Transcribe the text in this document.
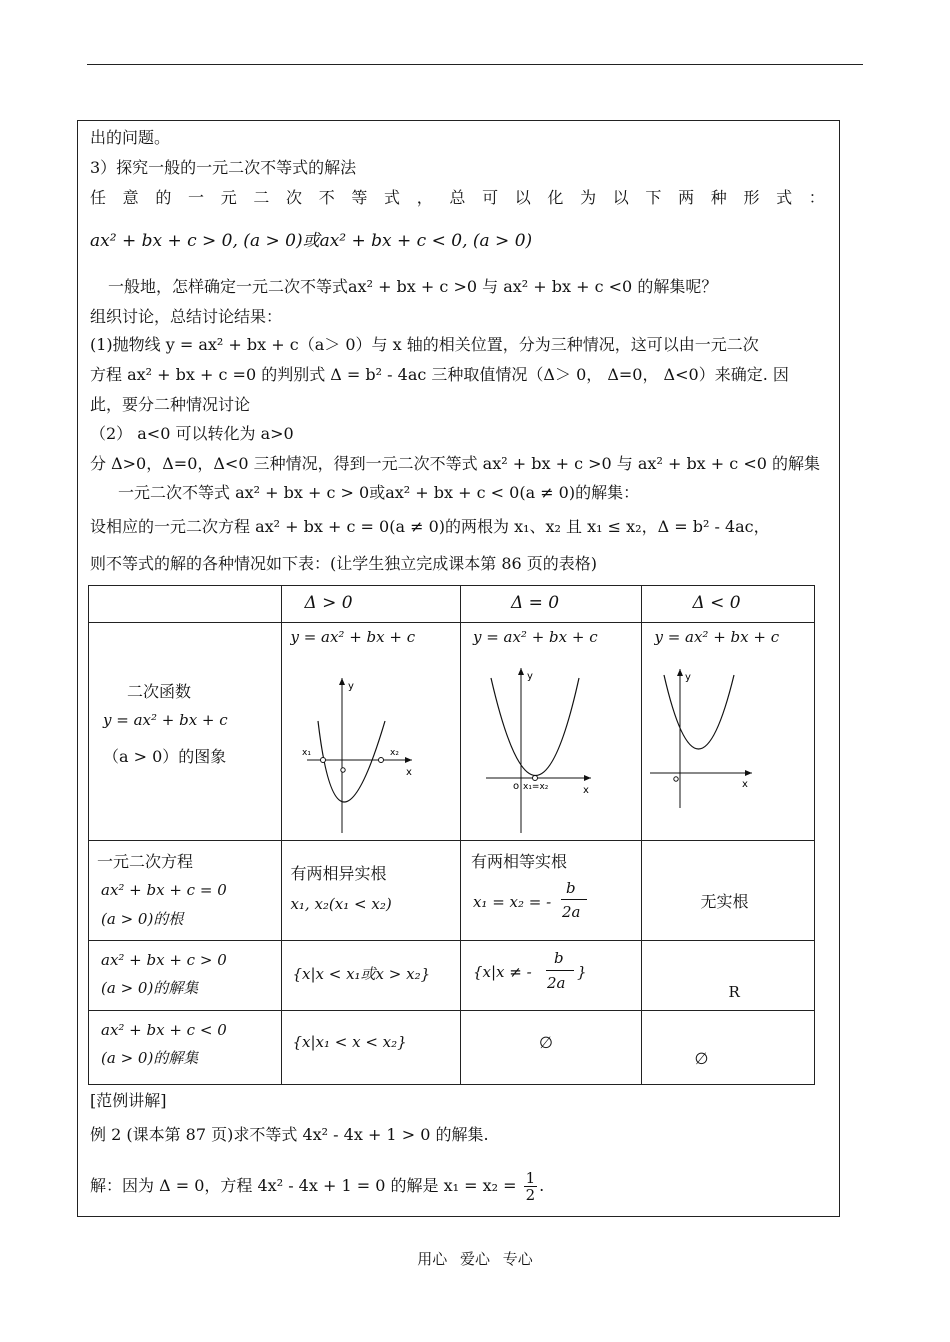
出的问题。
3）探究一般的一元二次不等式的解法
任 意 的 一 元 二 次 不 等 式 ， 总 可 以 化 为 以 下 两 种 形 式 ：
ax² + bx + c > 0, (a > 0)或ax² + bx + c < 0, (a > 0)
一般地，怎样确定一元二次不等式ax² + bx + c >0 与 ax² + bx + c <0 的解集呢？
组织讨论，总结讨论结果：
(1)抛物线 y = ax² + bx + c（a＞ 0）与 x 轴的相关位置，分为三种情况，这可以由一元二次
方程 ax² + bx + c =0 的判别式 Δ = b² - 4ac 三种取值情况（Δ＞ 0， Δ=0， Δ<0）来确定. 因
此，要分二种情况讨论
（2） a<0 可以转化为 a>0
分 Δ>0，Δ=0，Δ<0 三种情况，得到一元二次不等式 ax² + bx + c >0 与 ax² + bx + c <0 的解集
一元二次不等式 ax² + bx + c > 0或ax² + bx + c < 0(a ≠ 0)的解集：
设相应的一元二次方程 ax² + bx + c = 0(a ≠ 0)的两根为 x₁、x₂ 且 x₁ ≤ x₂，Δ = b² - 4ac，
则不等式的解的各种情况如下表：(让学生独立完成课本第 86 页的表格)

	Δ > 0	Δ = 0	Δ < 0

二次函数
y = ax² + bx + c
（a > 0）的图象	y = ax² + bx + c
y
x
x₁ x₂	y = ax² + bx + c
y
o x₁=x₂ x	y = ax² + bx + c
y
x

一元二次方程
ax² + bx + c = 0
(a > 0)的根	有两相异实根
x₁, x₂(x₁ < x₂)	有两相等实根
x₁ = x₂ = -
b
2a	无实根

ax² + bx + c > 0
(a > 0)的解集	{x|x < x₁或x > x₂}	{x|x ≠ -
b
2a
}	R

ax² + bx + c < 0
(a > 0)的解集	{x|x₁ < x < x₂}	∅	∅
[范例讲解]
例 2 (课本第 87 页)求不等式 4x² - 4x + 1 > 0 的解集.
解：因为 Δ = 0，方程 4x² - 4x + 1 = 0 的解是 $x_1 = x_2 = \frac{1}{2}$ .
用心 爱心 专心
